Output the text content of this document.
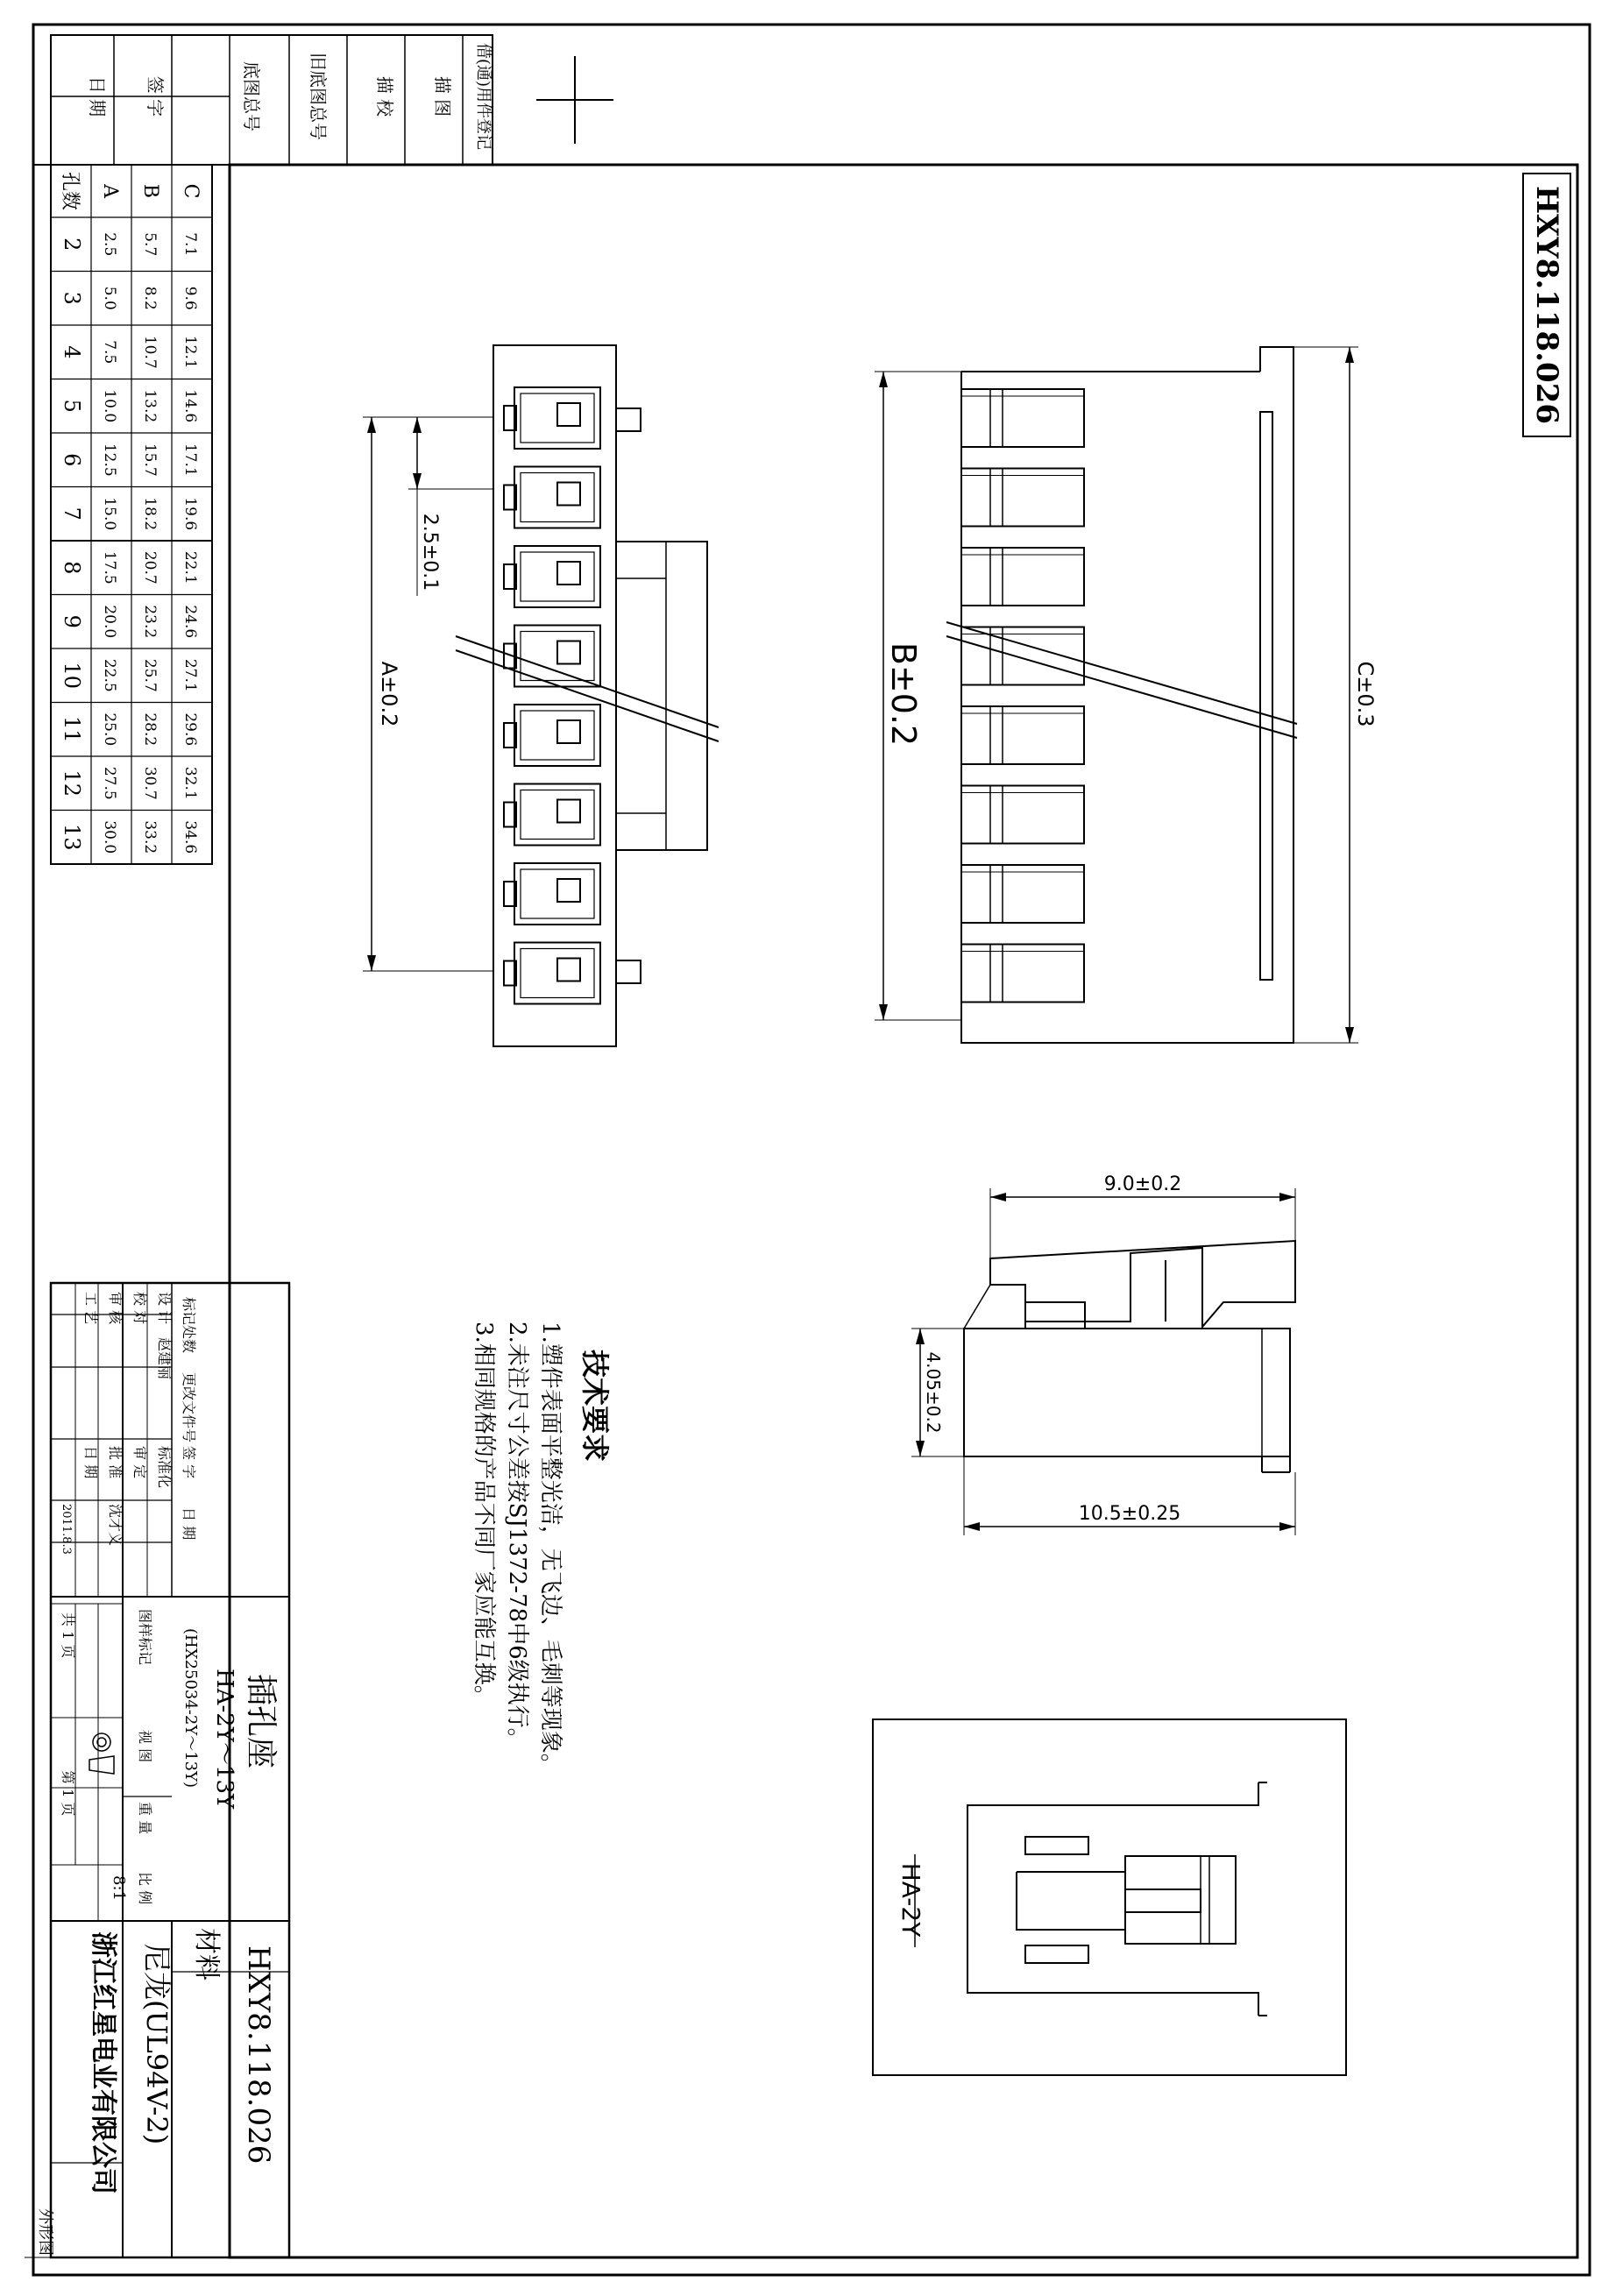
HXY8.118.026
日 期 签 字	底图总号	旧底图总号	描 校 描 图 借(通)用件登记
孔数 A B C
2 2.5 5.7 7.1
3 5.0 8.2 9.6
4 7.5 10.7 12.1
5 10.0 13.2 14.6
6 12.5 15.7 17.1
7 15.0 18.2 19.6
8 17.5 20.7 22.1
9 20.0 23.2 24.6
10 22.5 25.7 27.1
11 25.0 28.2 29.6
12 27.5 30.7 32.1
13 30.0 33.2 34.6
A±0.2
2.5±0.1
B±0.2	C±0.3
9.0±0.2
4.05±0.2
10.5±0.25
HA-2Y
技术要求
1.塑件表面平整光洁，无飞边、毛刺等现象。
2.未注尺寸公差按SJ1372-78中6级执行。
3.相同规格的产品不同厂家应能互换。
标记
处数
更改文件号
签 字
日 期
设 计
赵建丽
标准化
校 对
审 定
审 核
批 准
沈才义
工 艺
日 期
2011.8.3
插孔座
HA-2Y～13Y
(HX25034-2Y～13Y)
图样标记
视 图
重 量
比 例
8:1
共 1 页
第 1 页
HXY8.118.026
材料
尼龙(UL94V-2)
浙江红星电业有限公司
外形图
